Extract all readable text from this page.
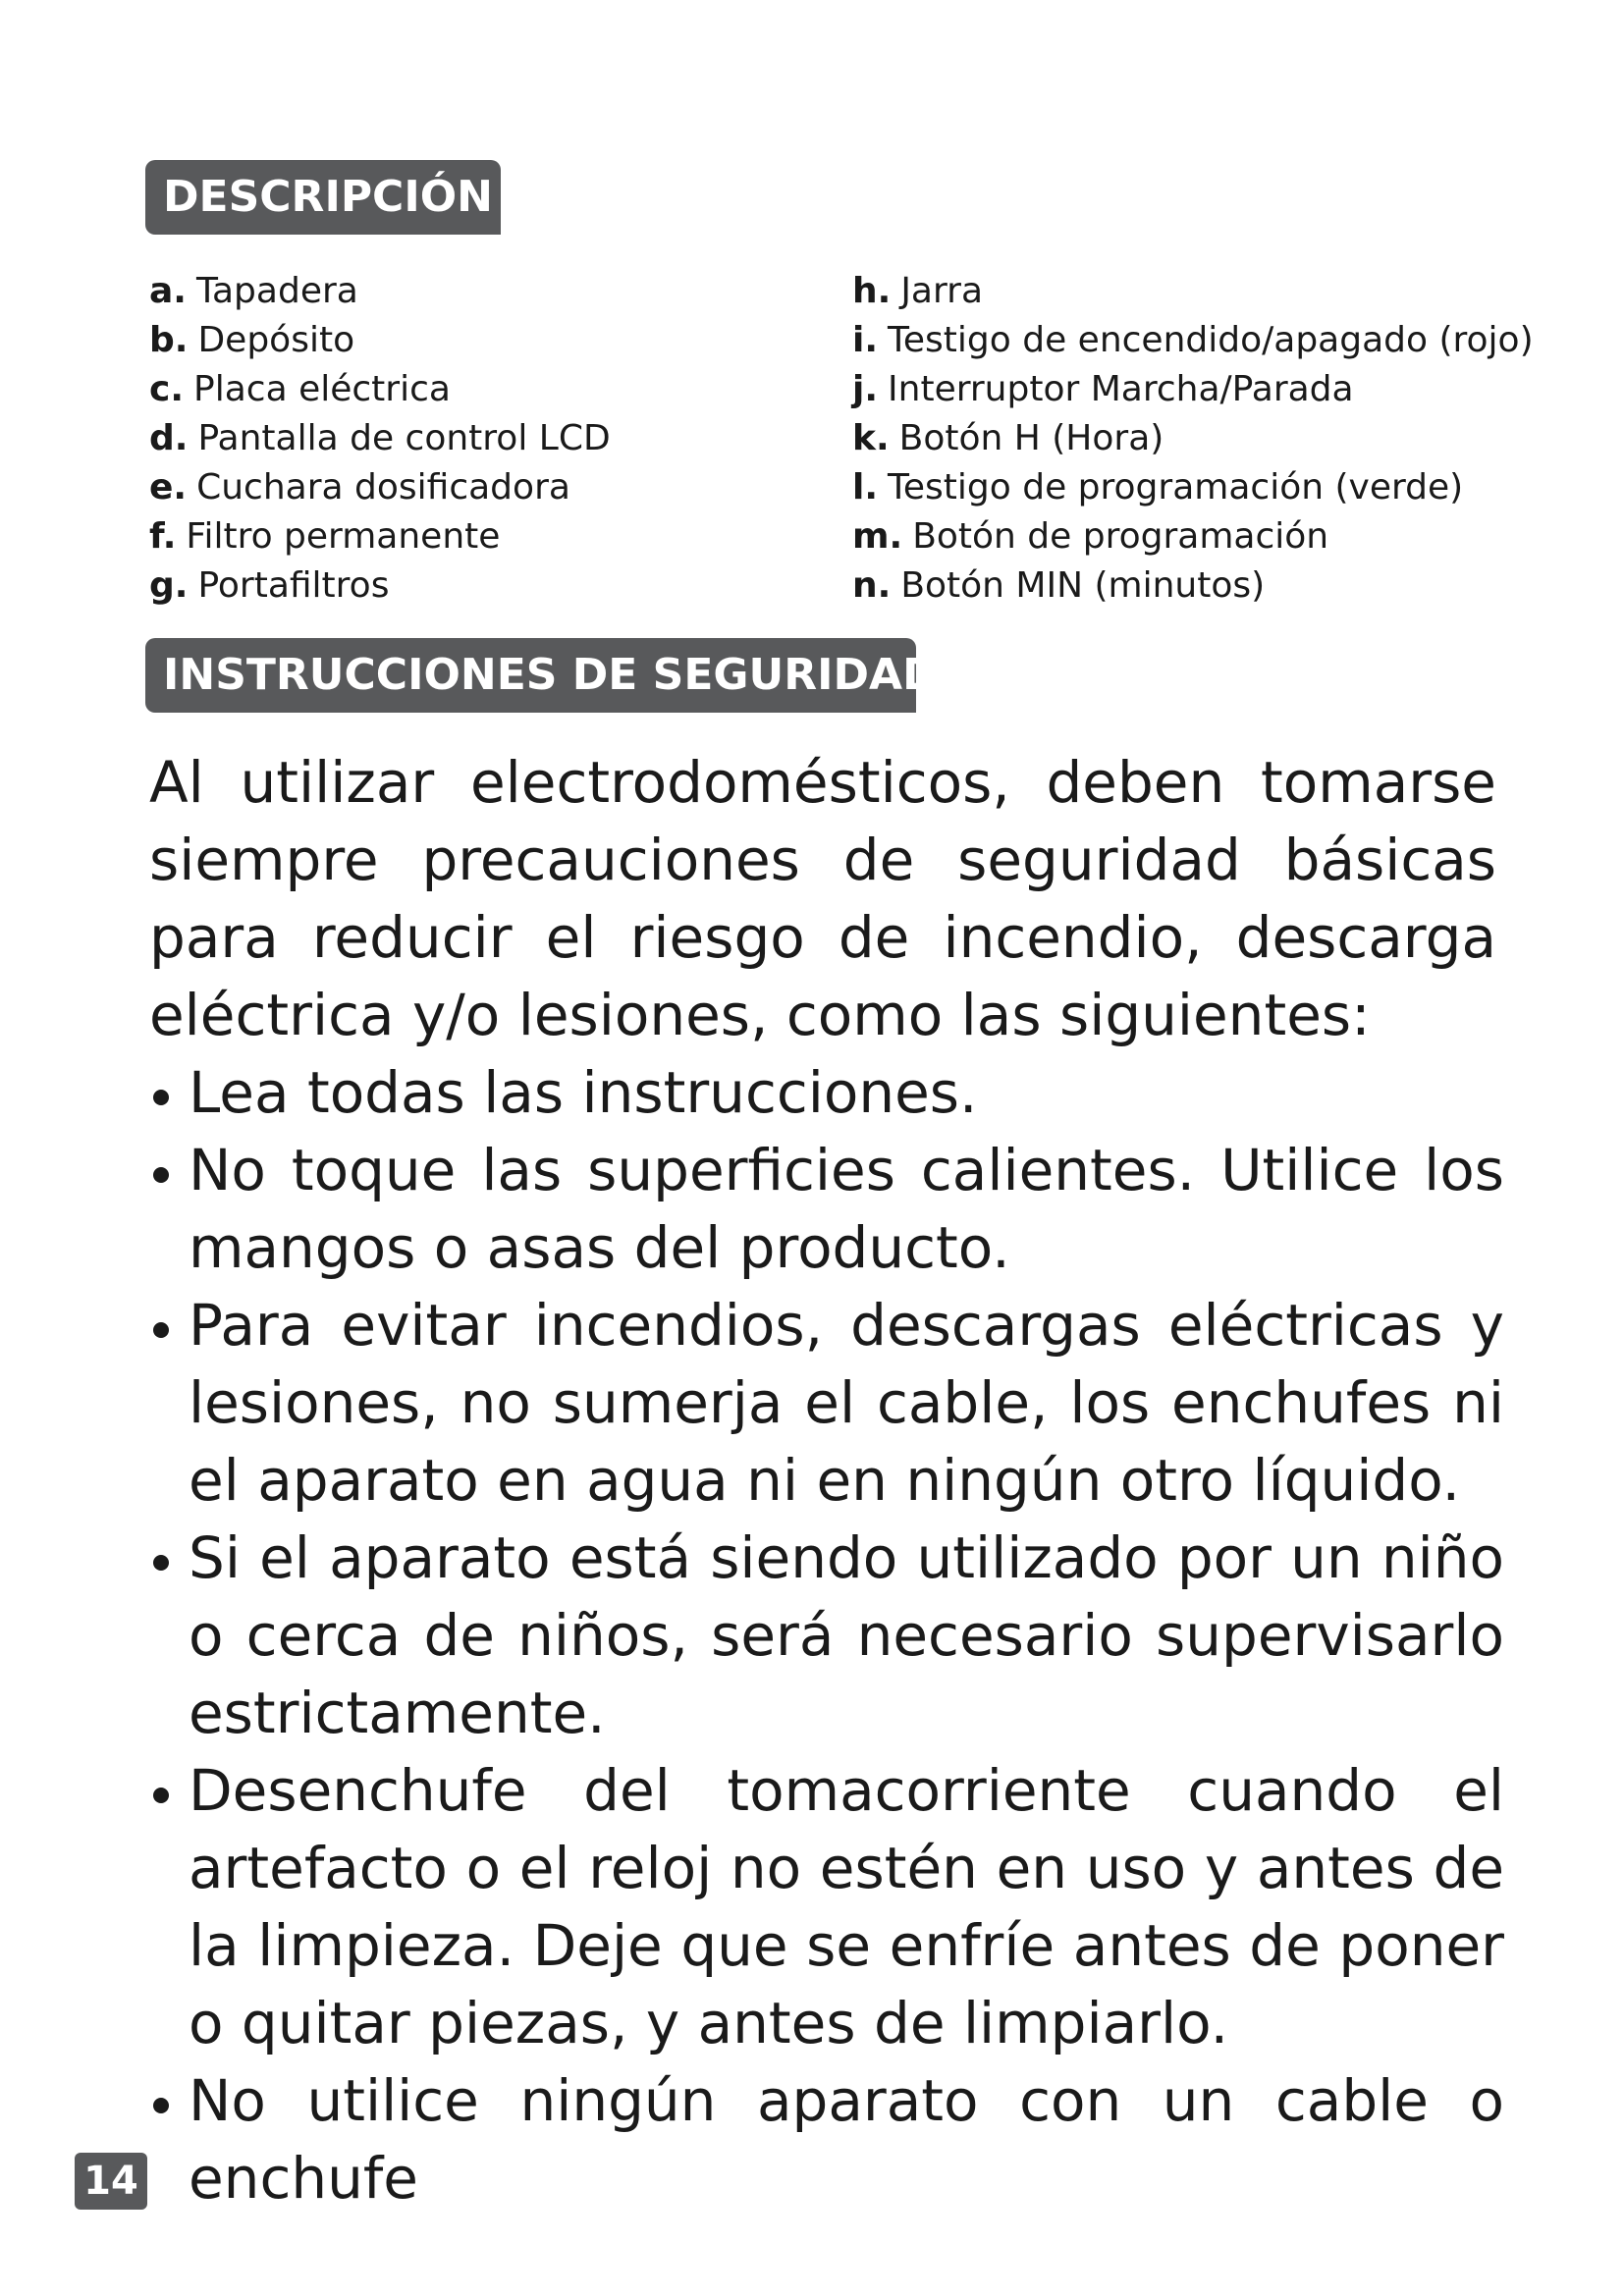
DESCRIPCIÓN
a. Tapadera
b. Depósito
c. Placa eléctrica
d. Pantalla de control LCD
e. Cuchara dosificadora
f. Filtro permanente
g. Portafiltros
h. Jarra
i. Testigo de encendido/apagado (rojo)
j. Interruptor Marcha/Parada
k. Botón H (Hora)
l. Testigo de programación (verde)
m. Botón de programación
n. Botón MIN (minutos)
INSTRUCCIONES DE SEGURIDAD

Al utilizar electrodomésticos, deben tomarse siempre precauciones de seguridad básicas para reducir el riesgo de incendio, descarga eléctrica y/o lesiones, como las siguientes:

Lea todas las instrucciones.
No toque las superficies calientes. Utilice los mangos o asas del producto.
Para evitar incendios, descargas eléctricas y lesiones, no sumerja el cable, los enchufes ni el aparato en agua ni en ningún otro líquido.
Si el aparato está siendo utilizado por un niño o cerca de niños, será necesario supervisarlo estrictamente.
Desenchufe del tomacorriente cuando el artefacto o el reloj no estén en uso y antes de la limpieza. Deje que se enfríe antes de poner o quitar piezas, y antes de limpiarlo.
No utilice ningún aparato con un cable o enchufe
14
